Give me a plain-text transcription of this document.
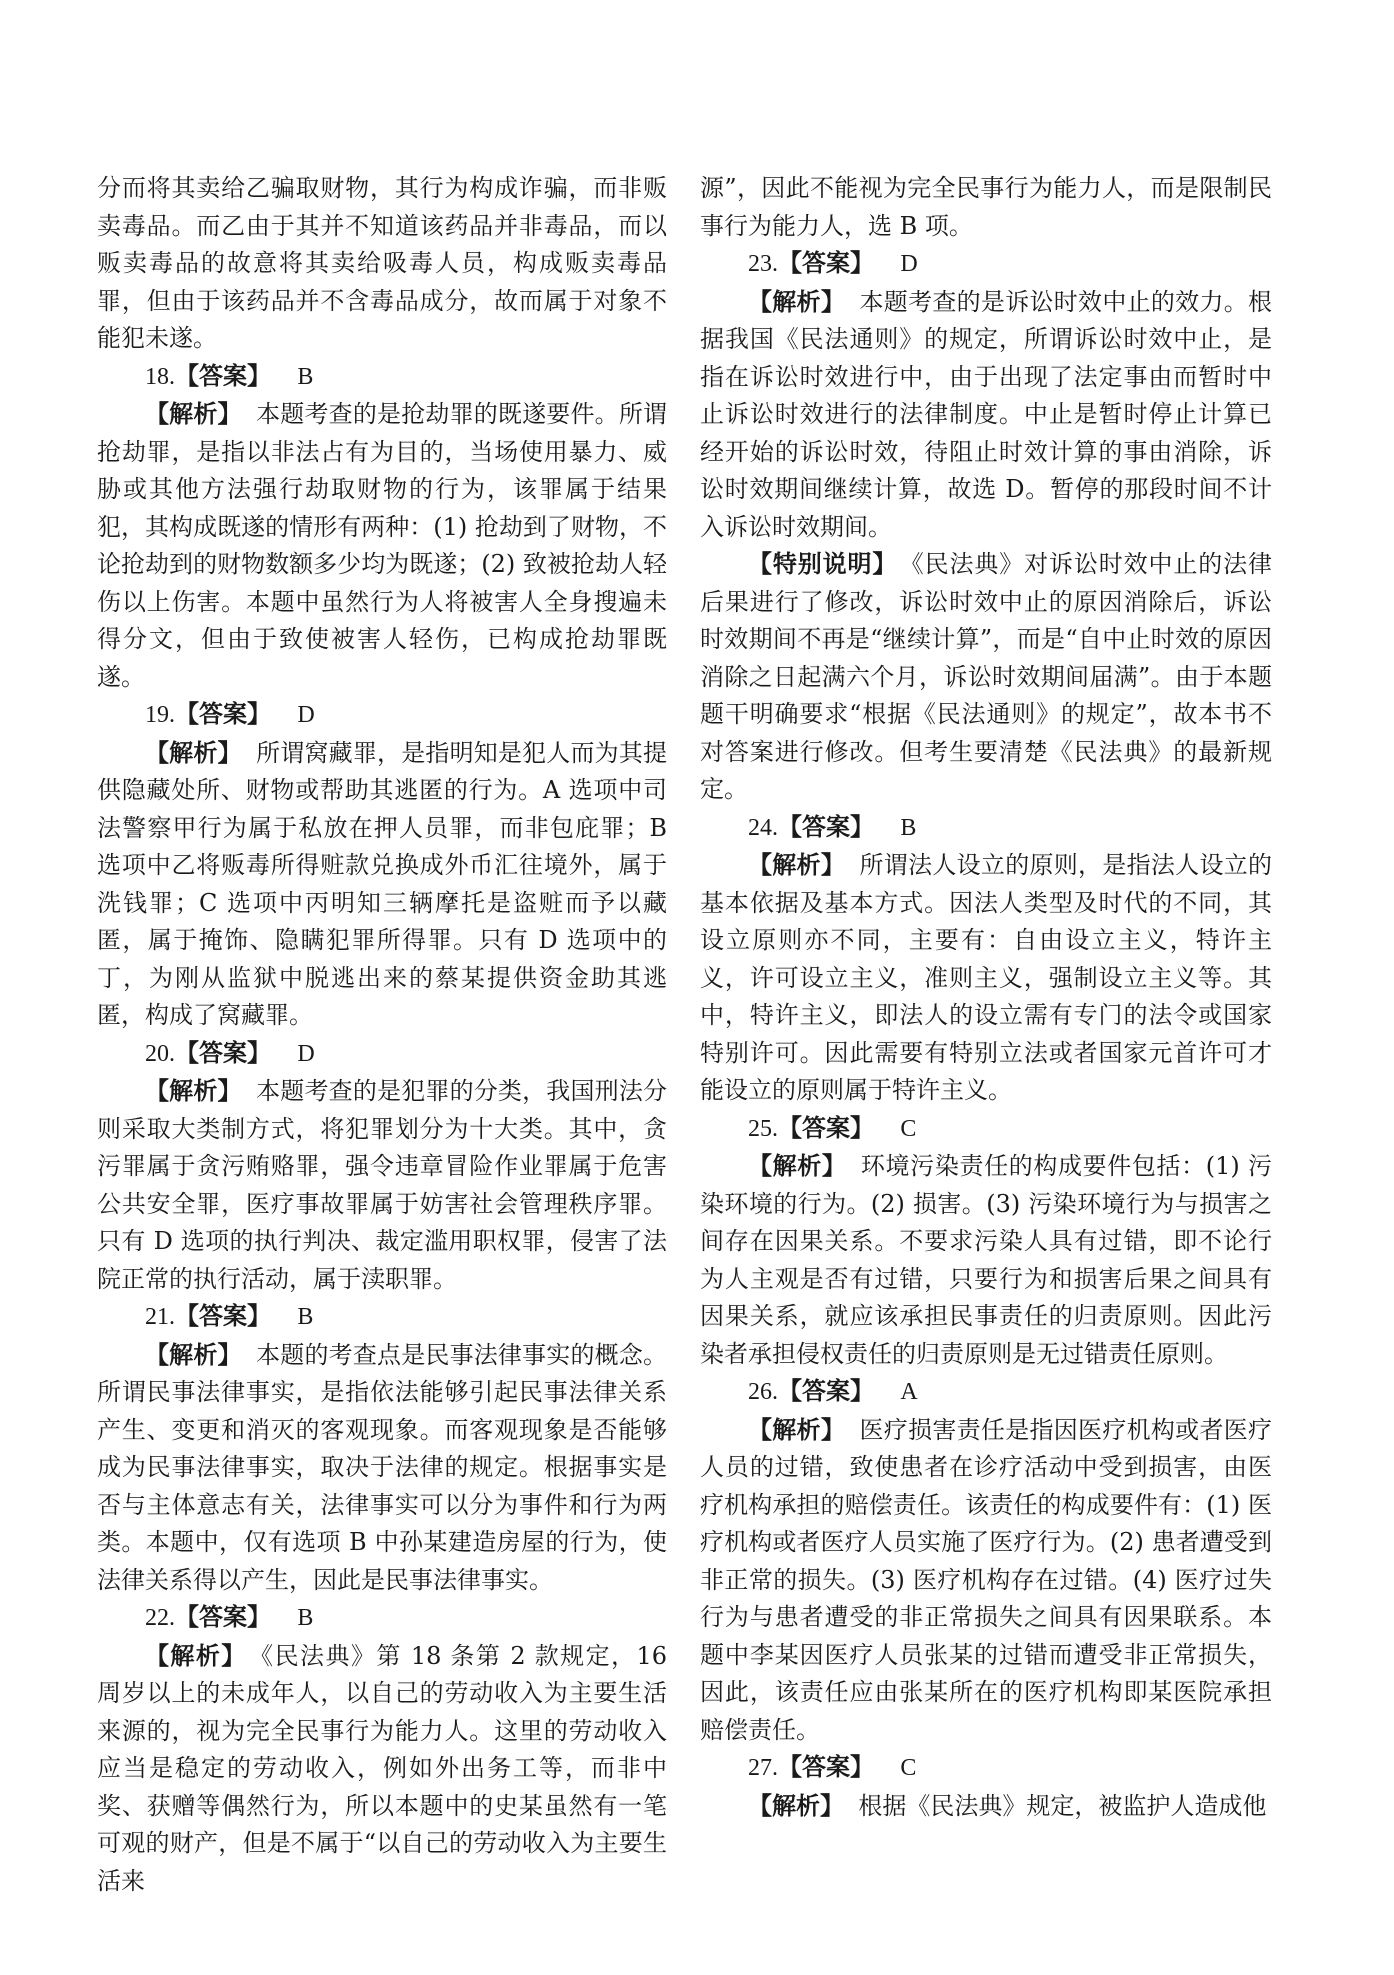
分而将其卖给乙骗取财物，其行为构成诈骗，而非贩卖毒品。而乙由于其并不知道该药品并非毒品，而以贩卖毒品的故意将其卖给吸毒人员，构成贩卖毒品罪，但由于该药品并不含毒品成分，故而属于对象不能犯未遂。

18.【答案】 B

【解析】 本题考查的是抢劫罪的既遂要件。所谓抢劫罪，是指以非法占有为目的，当场使用暴力、威胁或其他方法强行劫取财物的行为，该罪属于结果犯，其构成既遂的情形有两种：(1) 抢劫到了财物，不论抢劫到的财物数额多少均为既遂；(2) 致被抢劫人轻伤以上伤害。本题中虽然行为人将被害人全身搜遍未得分文，但由于致使被害人轻伤，已构成抢劫罪既遂。

19.【答案】 D

【解析】 所谓窝藏罪，是指明知是犯人而为其提供隐藏处所、财物或帮助其逃匿的行为。A 选项中司法警察甲行为属于私放在押人员罪，而非包庇罪；B 选项中乙将贩毒所得赃款兑换成外币汇往境外，属于洗钱罪；C 选项中丙明知三辆摩托是盗赃而予以藏匿，属于掩饰、隐瞒犯罪所得罪。只有 D 选项中的丁，为刚从监狱中脱逃出来的蔡某提供资金助其逃匿，构成了窝藏罪。

20.【答案】 D

【解析】 本题考查的是犯罪的分类，我国刑法分则采取大类制方式，将犯罪划分为十大类。其中，贪污罪属于贪污贿赂罪，强令违章冒险作业罪属于危害公共安全罪，医疗事故罪属于妨害社会管理秩序罪。只有 D 选项的执行判决、裁定滥用职权罪，侵害了法院正常的执行活动，属于渎职罪。

21.【答案】 B

【解析】 本题的考查点是民事法律事实的概念。所谓民事法律事实，是指依法能够引起民事法律关系产生、变更和消灭的客观现象。而客观现象是否能够成为民事法律事实，取决于法律的规定。根据事实是否与主体意志有关，法律事实可以分为事件和行为两类。本题中，仅有选项 B 中孙某建造房屋的行为，使法律关系得以产生，因此是民事法律事实。

22.【答案】 B

【解析】 《民法典》第 18 条第 2 款规定，16 周岁以上的未成年人，以自己的劳动收入为主要生活来源的，视为完全民事行为能力人。这里的劳动收入应当是稳定的劳动收入，例如外出务工等，而非中奖、获赠等偶然行为，所以本题中的史某虽然有一笔可观的财产，但是不属于“以自己的劳动收入为主要生活来

源”，因此不能视为完全民事行为能力人，而是限制民事行为能力人，选 B 项。

23.【答案】 D

【解析】 本题考查的是诉讼时效中止的效力。根据我国《民法通则》的规定，所谓诉讼时效中止，是指在诉讼时效进行中，由于出现了法定事由而暂时中止诉讼时效进行的法律制度。中止是暂时停止计算已经开始的诉讼时效，待阻止时效计算的事由消除，诉讼时效期间继续计算，故选 D。暂停的那段时间不计入诉讼时效期间。

【特别说明】 《民法典》对诉讼时效中止的法律后果进行了修改，诉讼时效中止的原因消除后，诉讼时效期间不再是“继续计算”，而是“自中止时效的原因消除之日起满六个月，诉讼时效期间届满”。由于本题题干明确要求“根据《民法通则》的规定”，故本书不对答案进行修改。但考生要清楚《民法典》的最新规定。

24.【答案】 B

【解析】 所谓法人设立的原则，是指法人设立的基本依据及基本方式。因法人类型及时代的不同，其设立原则亦不同，主要有：自由设立主义，特许主义，许可设立主义，准则主义，强制设立主义等。其中，特许主义，即法人的设立需有专门的法令或国家特别许可。因此需要有特别立法或者国家元首许可才能设立的原则属于特许主义。

25.【答案】 C

【解析】 环境污染责任的构成要件包括：(1) 污染环境的行为。(2) 损害。(3) 污染环境行为与损害之间存在因果关系。不要求污染人具有过错，即不论行为人主观是否有过错，只要行为和损害后果之间具有因果关系，就应该承担民事责任的归责原则。因此污染者承担侵权责任的归责原则是无过错责任原则。

26.【答案】 A

【解析】 医疗损害责任是指因医疗机构或者医疗人员的过错，致使患者在诊疗活动中受到损害，由医疗机构承担的赔偿责任。该责任的构成要件有：(1) 医疗机构或者医疗人员实施了医疗行为。(2) 患者遭受到非正常的损失。(3) 医疗机构存在过错。(4) 医疗过失行为与患者遭受的非正常损失之间具有因果联系。本题中李某因医疗人员张某的过错而遭受非正常损失，因此，该责任应由张某所在的医疗机构即某医院承担赔偿责任。

27.【答案】 C

【解析】 根据《民法典》规定，被监护人造成他
